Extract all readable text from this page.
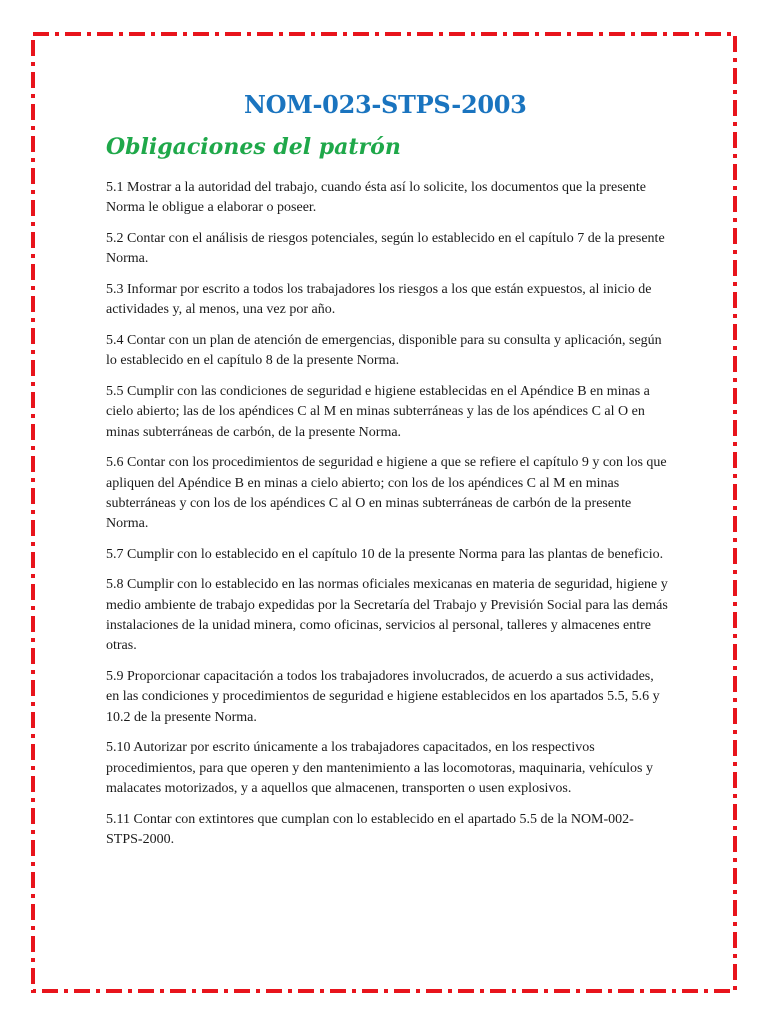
NOM-023-STPS-2003
Obligaciones del patrón
5.1 Mostrar a la autoridad del trabajo, cuando ésta así lo solicite, los documentos que la presente Norma le obligue a elaborar o poseer.
5.2 Contar con el análisis de riesgos potenciales, según lo establecido en el capítulo 7 de la presente Norma.
5.3 Informar por escrito a todos los trabajadores los riesgos a los que están expuestos, al inicio de actividades y, al menos, una vez por año.
5.4 Contar con un plan de atención de emergencias, disponible para su consulta y aplicación, según lo establecido en el capítulo 8 de la presente Norma.
5.5 Cumplir con las condiciones de seguridad e higiene establecidas en el Apéndice B en minas a cielo abierto; las de los apéndices C al M en minas subterráneas y las de los apéndices C al O en minas subterráneas de carbón, de la presente Norma.
5.6 Contar con los procedimientos de seguridad e higiene a que se refiere el capítulo 9 y con los que apliquen del Apéndice B en minas a cielo abierto; con los de los apéndices C al M en minas subterráneas y con los de los apéndices C al O en minas subterráneas de carbón de la presente Norma.
5.7 Cumplir con lo establecido en el capítulo 10 de la presente Norma para las plantas de beneficio.
5.8 Cumplir con lo establecido en las normas oficiales mexicanas en materia de seguridad, higiene y medio ambiente de trabajo expedidas por la Secretaría del Trabajo y Previsión Social para las demás instalaciones de la unidad minera, como oficinas, servicios al personal, talleres y almacenes entre otras.
5.9 Proporcionar capacitación a todos los trabajadores involucrados, de acuerdo a sus actividades, en las condiciones y procedimientos de seguridad e higiene establecidos en los apartados 5.5, 5.6 y 10.2 de la presente Norma.
5.10 Autorizar por escrito únicamente a los trabajadores capacitados, en los respectivos procedimientos, para que operen y den mantenimiento a las locomotoras, maquinaria, vehículos y malacates motorizados, y a aquellos que almacenen, transporten o usen explosivos.
5.11 Contar con extintores que cumplan con lo establecido en el apartado 5.5 de la NOM-002-STPS-2000.
